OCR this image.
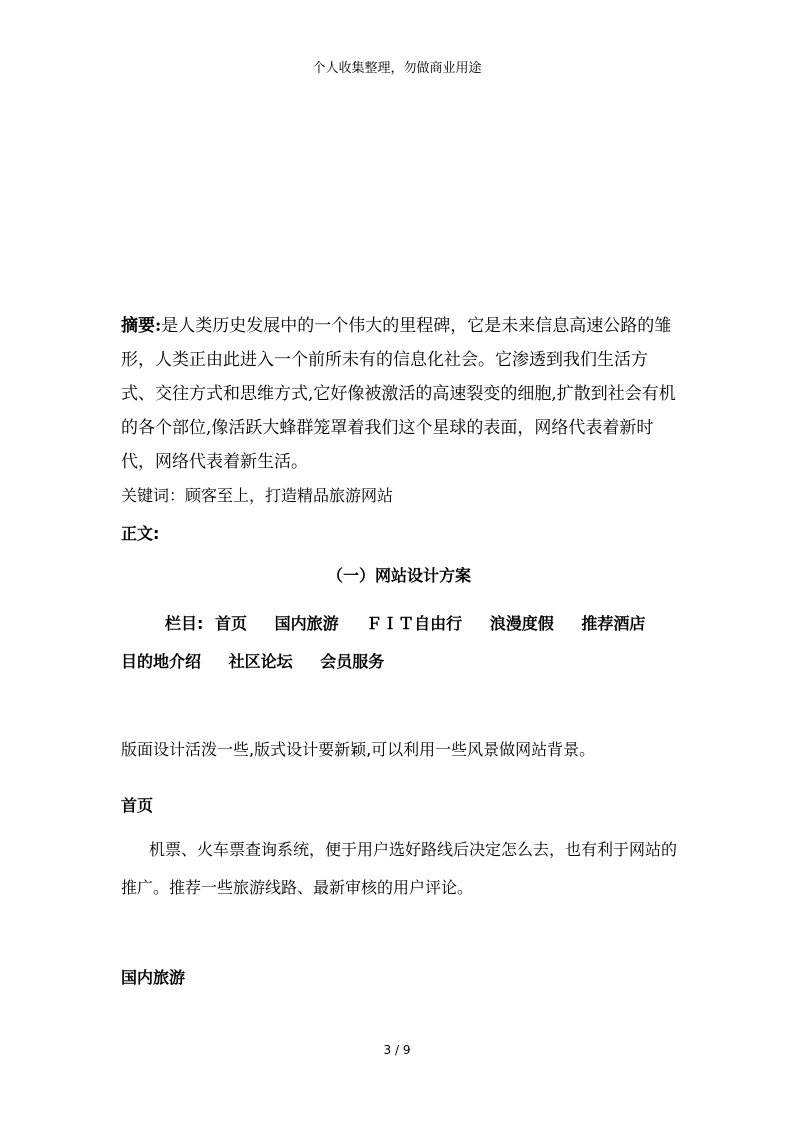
个人收集整理，勿做商业用途
摘要:是人类历史发展中的一个伟大的里程碑，它是未来信息高速公路的雏形，人类正由此进入一个前所未有的信息化社会。它渗透到我们生活方式、交往方式和思维方式,它好像被激活的高速裂变的细胞,扩散到社会有机的各个部位,像活跃大蜂群笼罩着我们这个星球的表面，网络代表着新时代，网络代表着新生活。
关键词：顾客至上，打造精品旅游网站
正文:
（一）网站设计方案
栏目: 首页 国内旅游 ＦＩＴ自由行 浪漫度假 推荐酒店
目的地介绍 社区论坛 会员服务
版面设计活泼一些,版式设计要新颖,可以利用一些风景做网站背景。
首页
机票、火车票查询系统，便于用户选好路线后决定怎么去，也有利于网站的推广。推荐一些旅游线路、最新审核的用户评论。
国内旅游
3 / 9
